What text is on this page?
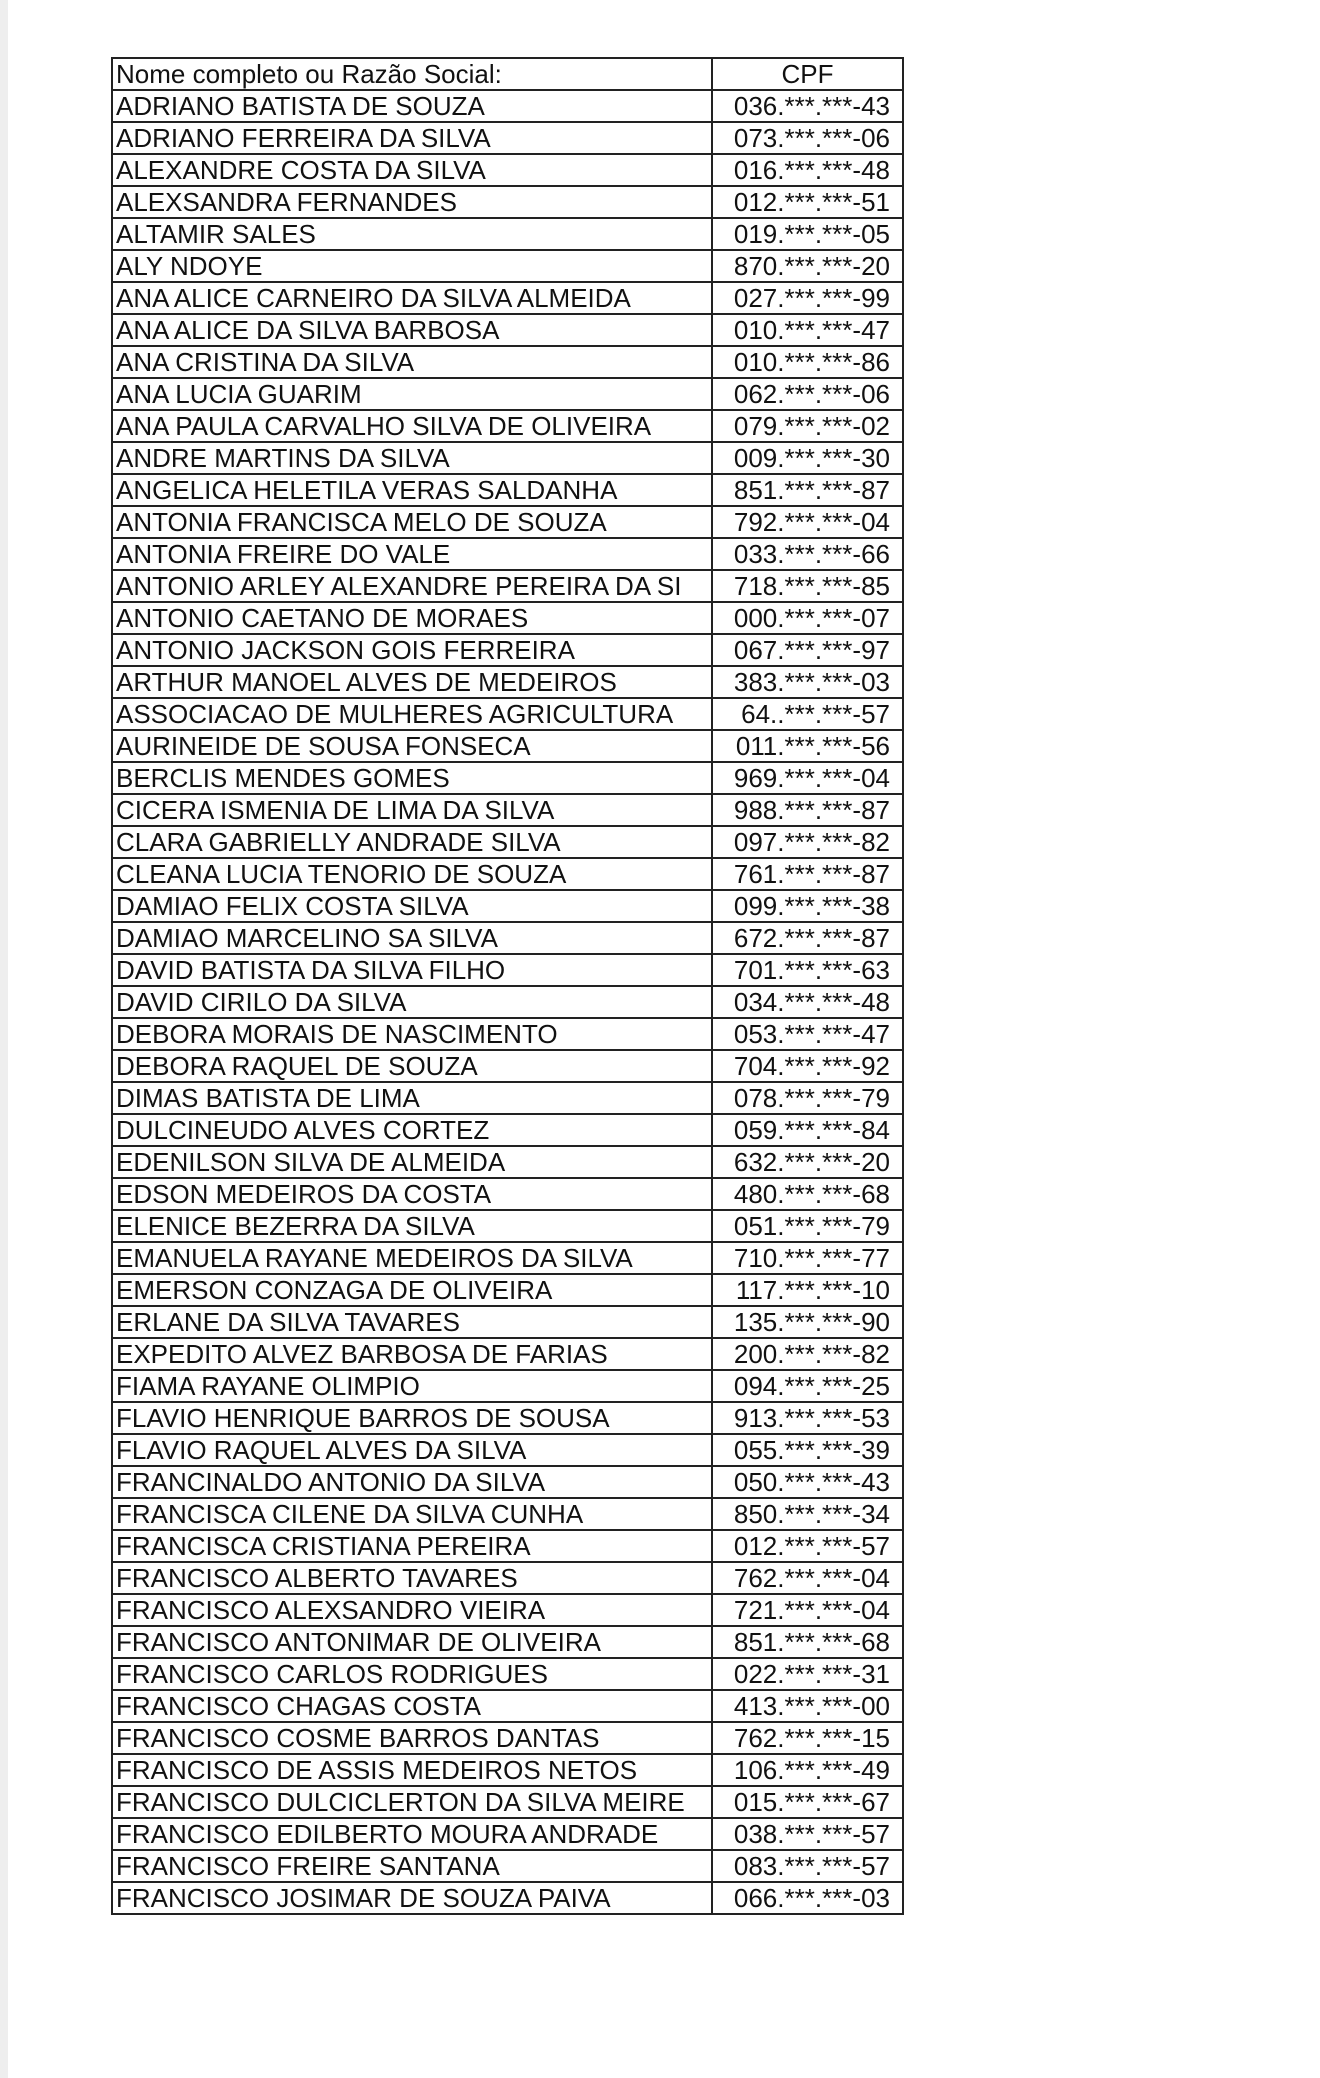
Nome completo ou Razão Social:	CPF
ADRIANO BATISTA DE SOUZA	036.***.***-43
ADRIANO FERREIRA DA SILVA	073.***.***-06
ALEXANDRE COSTA DA SILVA	016.***.***-48
ALEXSANDRA FERNANDES	012.***.***-51
ALTAMIR SALES	019.***.***-05
ALY NDOYE	870.***.***-20
ANA ALICE CARNEIRO DA SILVA ALMEIDA	027.***.***-99
ANA ALICE DA SILVA BARBOSA	010.***.***-47
ANA CRISTINA DA SILVA	010.***.***-86
ANA LUCIA GUARIM	062.***.***-06
ANA PAULA CARVALHO SILVA DE OLIVEIRA	079.***.***-02
ANDRE MARTINS DA SILVA	009.***.***-30
ANGELICA HELETILA VERAS SALDANHA	851.***.***-87
ANTONIA FRANCISCA MELO DE SOUZA	792.***.***-04
ANTONIA FREIRE DO VALE	033.***.***-66
ANTONIO ARLEY ALEXANDRE PEREIRA DA SI	718.***.***-85
ANTONIO CAETANO DE MORAES	000.***.***-07
ANTONIO JACKSON GOIS FERREIRA	067.***.***-97
ARTHUR MANOEL ALVES DE MEDEIROS	383.***.***-03
ASSOCIACAO DE MULHERES AGRICULTURA	64..***.***-57
AURINEIDE DE SOUSA FONSECA	011.***.***-56
BERCLIS MENDES GOMES	969.***.***-04
CICERA ISMENIA DE LIMA DA SILVA	988.***.***-87
CLARA GABRIELLY ANDRADE SILVA	097.***.***-82
CLEANA LUCIA TENORIO DE SOUZA	761.***.***-87
DAMIAO FELIX COSTA SILVA	099.***.***-38
DAMIAO MARCELINO SA SILVA	672.***.***-87
DAVID BATISTA DA SILVA FILHO	701.***.***-63
DAVID CIRILO DA SILVA	034.***.***-48
DEBORA MORAIS DE NASCIMENTO	053.***.***-47
DEBORA RAQUEL DE SOUZA	704.***.***-92
DIMAS BATISTA DE LIMA	078.***.***-79
DULCINEUDO ALVES CORTEZ	059.***.***-84
EDENILSON SILVA DE ALMEIDA	632.***.***-20
EDSON MEDEIROS DA COSTA	480.***.***-68
ELENICE BEZERRA DA SILVA	051.***.***-79
EMANUELA RAYANE MEDEIROS DA SILVA	710.***.***-77
EMERSON CONZAGA DE OLIVEIRA	117.***.***-10
ERLANE DA SILVA TAVARES	135.***.***-90
EXPEDITO ALVEZ BARBOSA DE FARIAS	200.***.***-82
FIAMA RAYANE OLIMPIO	094.***.***-25
FLAVIO HENRIQUE BARROS DE SOUSA	913.***.***-53
FLAVIO RAQUEL ALVES DA SILVA	055.***.***-39
FRANCINALDO ANTONIO DA SILVA	050.***.***-43
FRANCISCA CILENE DA SILVA CUNHA	850.***.***-34
FRANCISCA CRISTIANA PEREIRA	012.***.***-57
FRANCISCO ALBERTO TAVARES	762.***.***-04
FRANCISCO ALEXSANDRO VIEIRA	721.***.***-04
FRANCISCO ANTONIMAR DE OLIVEIRA	851.***.***-68
FRANCISCO CARLOS RODRIGUES	022.***.***-31
FRANCISCO CHAGAS COSTA	413.***.***-00
FRANCISCO COSME BARROS DANTAS	762.***.***-15
FRANCISCO DE ASSIS MEDEIROS NETOS	106.***.***-49
FRANCISCO DULCICLERTON DA SILVA MEIRE	015.***.***-67
FRANCISCO EDILBERTO MOURA ANDRADE	038.***.***-57
FRANCISCO FREIRE SANTANA	083.***.***-57
FRANCISCO JOSIMAR DE SOUZA PAIVA	066.***.***-03
